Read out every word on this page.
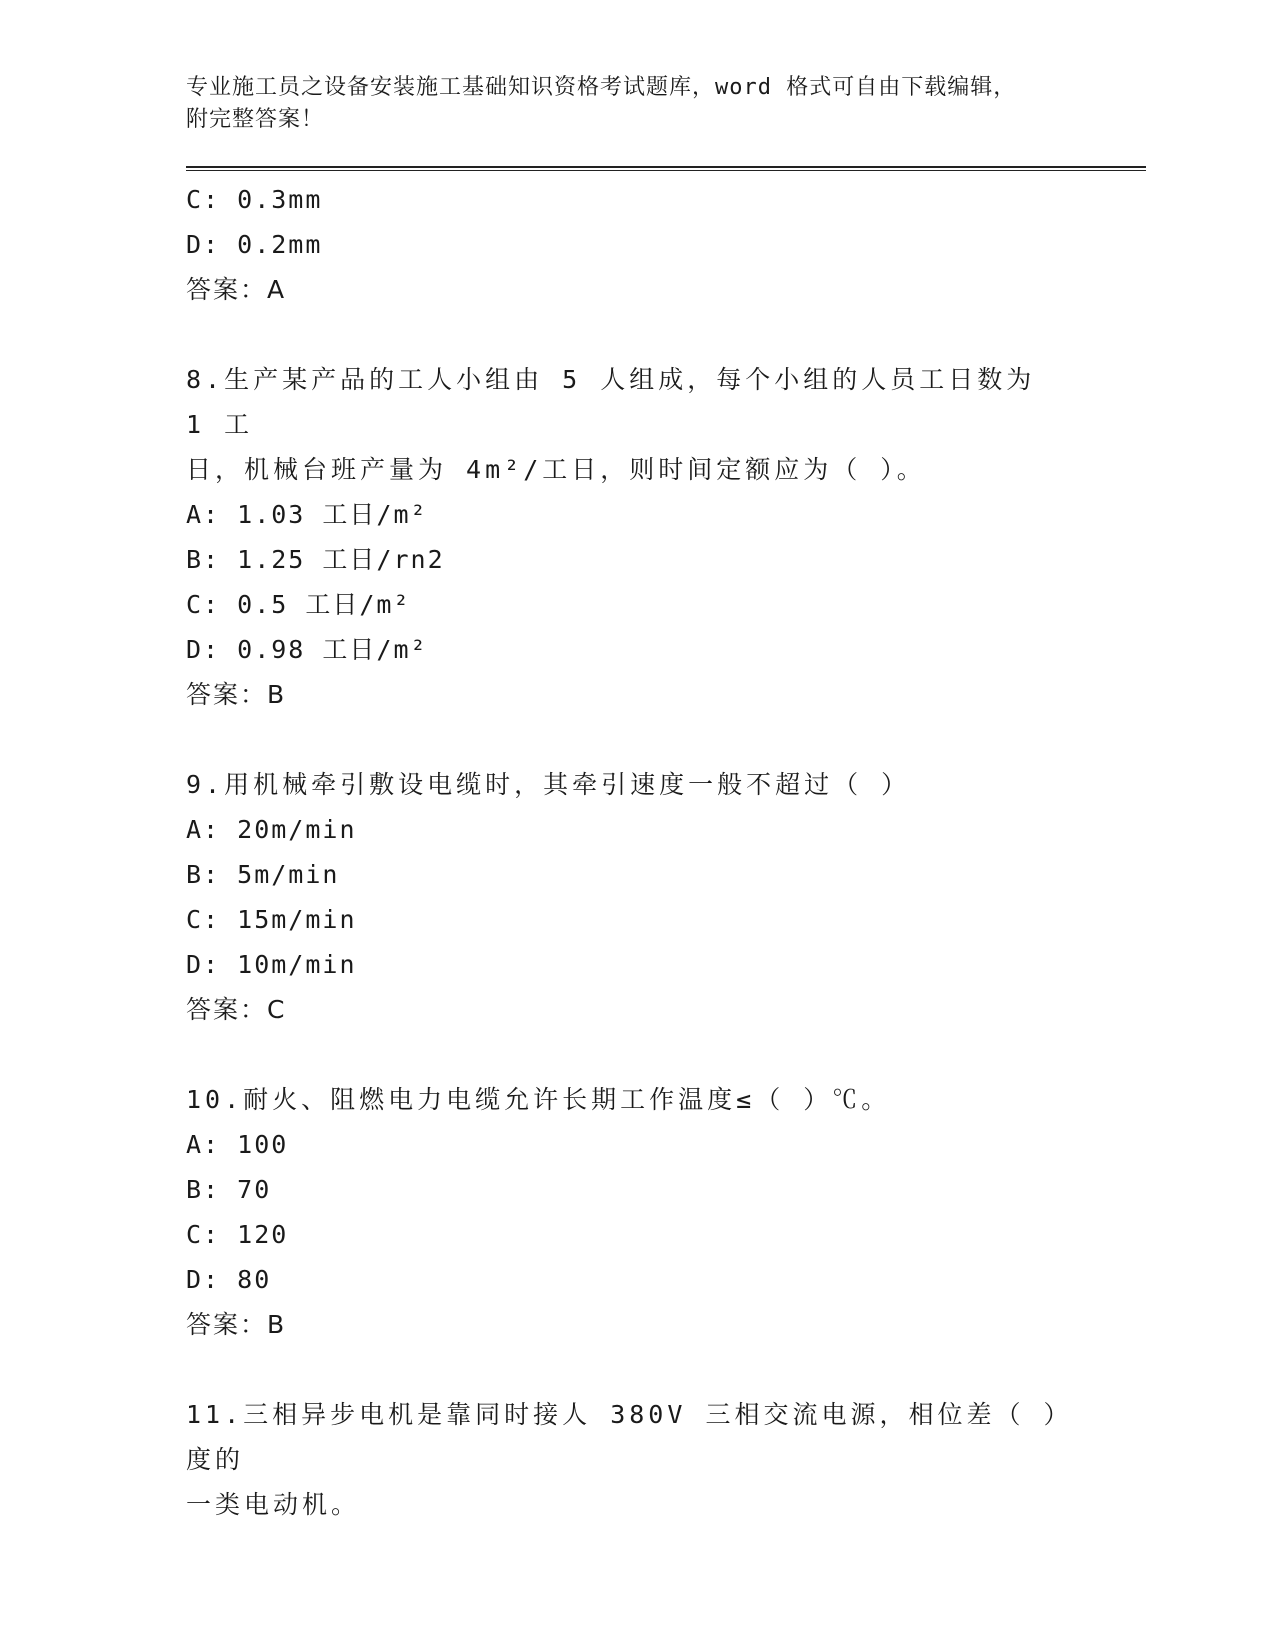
专业施工员之设备安装施工基础知识资格考试题库，word 格式可自由下载编辑，

附完整答案！

C: 0.3mm

D: 0.2mm

答案：A

8.生产某产品的工人小组由 5 人组成，每个小组的人员工日数为 1 工

日，机械台班产量为 4m²/工日，则时间定额应为（ ）。

A: 1.03 工日/m²

B: 1.25 工日/rn2

C: 0.5 工日/m²

D: 0.98 工日/m²

答案：B

9.用机械牵引敷设电缆时，其牵引速度一般不超过（ ）

A: 20m/min

B: 5m/min

C: 15m/min

D: 10m/min

答案：C

10.耐火、阻燃电力电缆允许长期工作温度≤（ ）℃。

A: 100

B: 70

C: 120

D: 80

答案：B

11.三相异步电机是靠同时接人 380V 三相交流电源，相位差（ ）度的

一类电动机。
